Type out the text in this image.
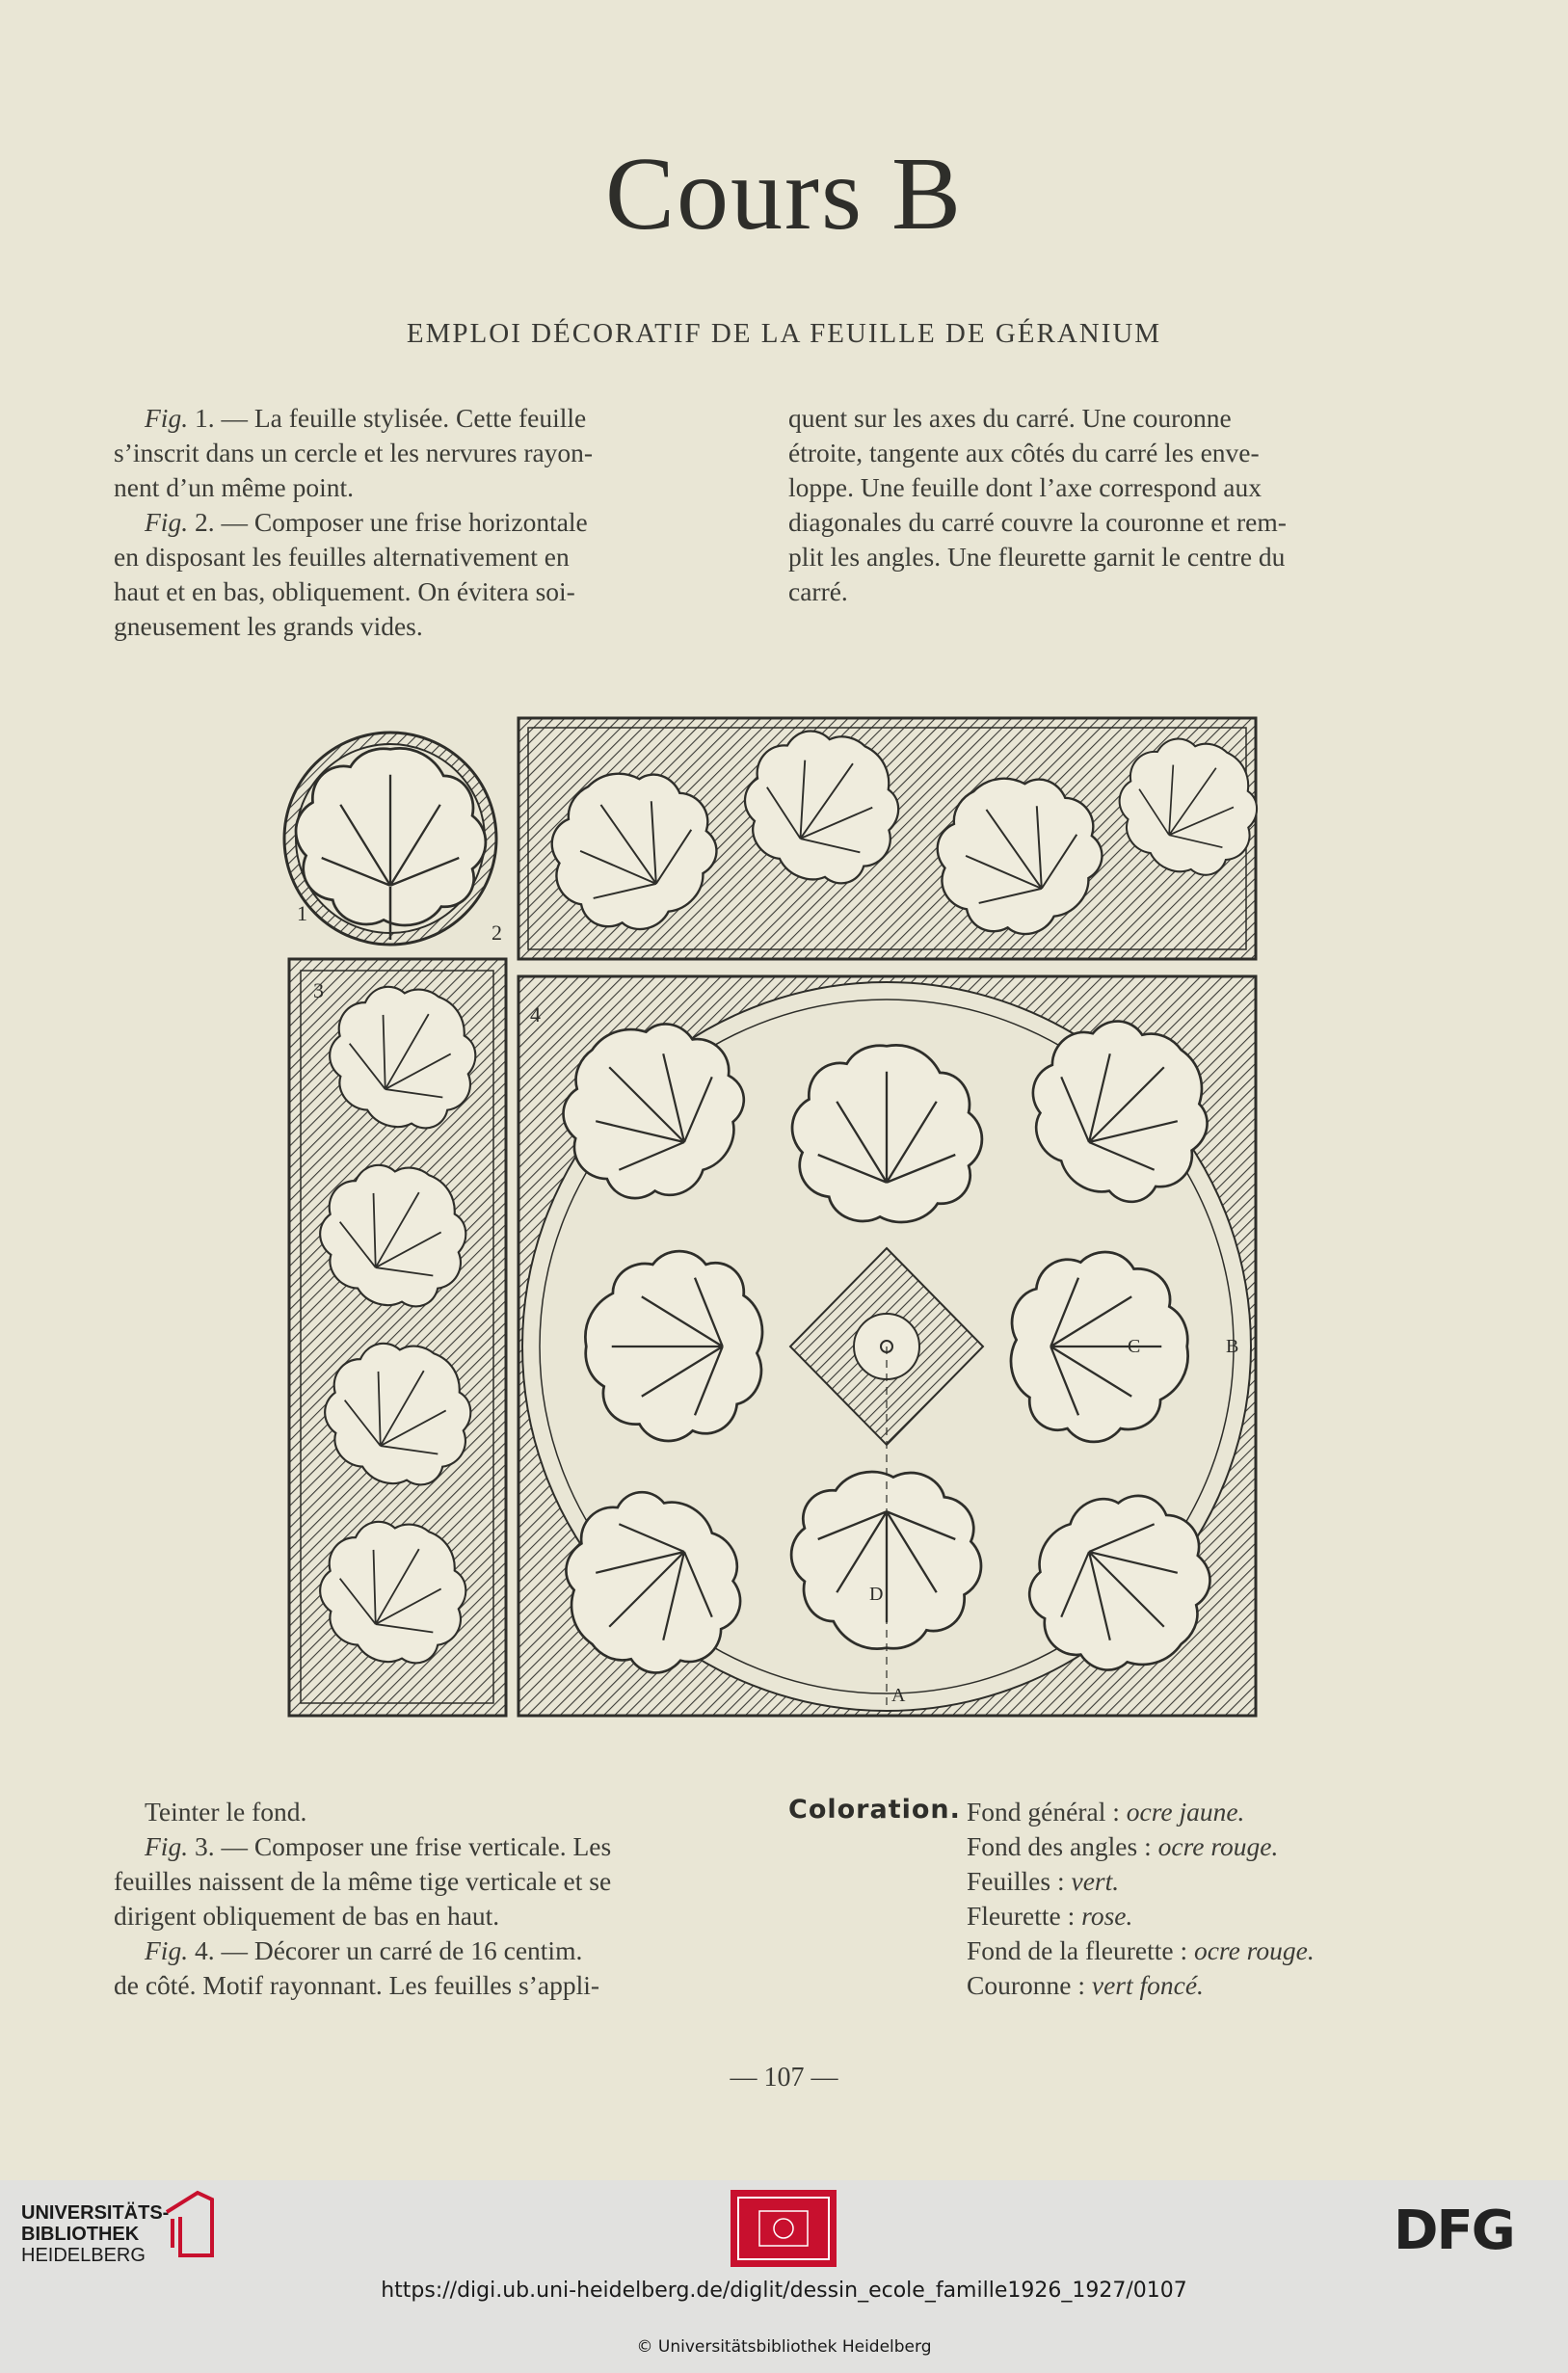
Cours B
EMPLOI DÉCORATIF DE LA FEUILLE DE GÉRANIUM
Fig. 1. — La feuille stylisée. Cette feuille
s’inscrit dans un cercle et les nervures rayon-
nent d’un même point.
Fig. 2. — Composer une frise horizontale
en disposant les feuilles alternativement en
haut et en bas, obliquement. On évitera soi-
gneusement les grands vides.
quent sur les axes du carré. Une couronne
étroite, tangente aux côtés du carré les enve-
loppe. Une feuille dont l’axe correspond aux
diagonales du carré couvre la couronne et rem-
plit les angles. Une fleurette garnit le centre du
carré.
1
2
3
4
A
B
C
D
Teinter le fond.
Fig. 3. — Composer une frise verticale. Les
feuilles naissent de la même tige verticale et se
dirigent obliquement de bas en haut.
Fig. 4. — Décorer un carré de 16 centim.
de côté. Motif rayonnant. Les feuilles s’appli-
Coloration. Fond général : ocre jaune.
Fond des angles : ocre rouge.
Feuilles : vert.
Fleurette : rose.
Fond de la fleurette : ocre rouge.
Couronne : vert foncé.
— 107 —
UNIVERSITÄTS-
BIBLIOTHEK
HEIDELBERG	DFG
https://digi.ub.uni-heidelberg.de/diglit/dessin_ecole_famille1926_1927/0107
© Universitätsbibliothek Heidelberg
